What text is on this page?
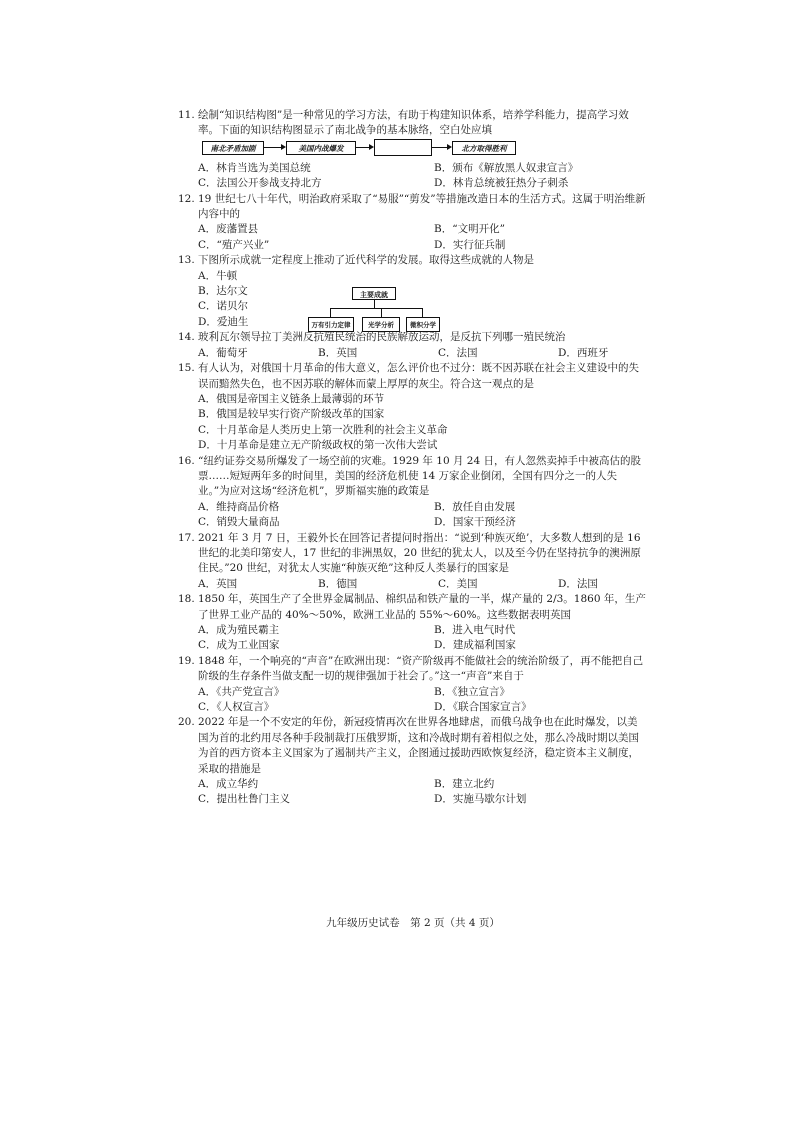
11. 绘制“知识结构图”是一种常见的学习方法，有助于构建知识体系，培养学科能力，提高学习效率。下面的知识结构图显示了南北战争的基本脉络，空白处应填
南北矛盾加剧	美国内战爆发	北方取得胜利
A．林肯当选为美国总统	B．颁布《解放黑人奴隶宣言》
C．法国公开参战支持北方	D．林肯总统被狂热分子刺杀
12. 19 世纪七八十年代，明治政府采取了“易服”“剪发”等措施改造日本的生活方式。这属于明治维新内容中的
A．废藩置县	B．“文明开化”
C．“殖产兴业”	D．实行征兵制
13. 下图所示成就一定程度上推动了近代科学的发展。取得这些成就的人物是
A．牛顿
B．达尔文
C．诺贝尔
D．爱迪生
主要成就
万有引力定律	光学分析	微积分学
14. 玻利瓦尔领导拉丁美洲反抗殖民统治的民族解放运动，是反抗下列哪一殖民统治
A．葡萄牙	B．英国	C．法国	D．西班牙
15. 有人认为，对俄国十月革命的伟大意义，怎么评价也不过分：既不因苏联在社会主义建设中的失误而黯然失色，也不因苏联的解体而蒙上厚厚的灰尘。符合这一观点的是
A．俄国是帝国主义链条上最薄弱的环节
B．俄国是较早实行资产阶级改革的国家
C．十月革命是人类历史上第一次胜利的社会主义革命
D．十月革命是建立无产阶级政权的第一次伟大尝试
16. “纽约证券交易所爆发了一场空前的灾难。1929 年 10 月 24 日，有人忽然卖掉手中被高估的股票……短短两年多的时间里，美国的经济危机使 14 万家企业倒闭，全国有四分之一的人失业。”为应对这场“经济危机”，罗斯福实施的政策是
A．维持商品价格	B．放任自由发展
C．销毁大量商品	D．国家干预经济
17. 2021 年 3 月 7 日，王毅外长在回答记者提问时指出：“说到‘种族灭绝’，大多数人想到的是 16 世纪的北美印第安人，17 世纪的非洲黑奴，20 世纪的犹太人，以及至今仍在坚持抗争的澳洲原住民。”20 世纪，对犹太人实施“种族灭绝”这种反人类暴行的国家是
A．英国	B．德国	C．美国	D．法国
18. 1850 年，英国生产了全世界金属制品、棉织品和铁产量的一半，煤产量的 2/3。1860 年，生产了世界工业产品的 40%～50%，欧洲工业品的 55%～60%。这些数据表明英国
A．成为殖民霸主	B．进入电气时代
C．成为工业国家	D．建成福利国家
19. 1848 年，一个响亮的“声音”在欧洲出现：“资产阶级再不能做社会的统治阶级了，再不能把自己阶级的生存条件当做支配一切的规律强加于社会了。”这一“声音”来自于
A．《共产党宣言》	B．《独立宣言》
C．《人权宣言》	D．《联合国家宣言》
20. 2022 年是一个不安定的年份，新冠疫情再次在世界各地肆虐，而俄乌战争也在此时爆发，以美国为首的北约用尽各种手段制裁打压俄罗斯，这和冷战时期有着相似之处，那么冷战时期以美国为首的西方资本主义国家为了遏制共产主义，企图通过援助西欧恢复经济，稳定资本主义制度，采取的措施是
A．成立华约	B．建立北约
C．提出杜鲁门主义	D．实施马歇尔计划
九年级历史试卷　第 2 页（共 4 页）
